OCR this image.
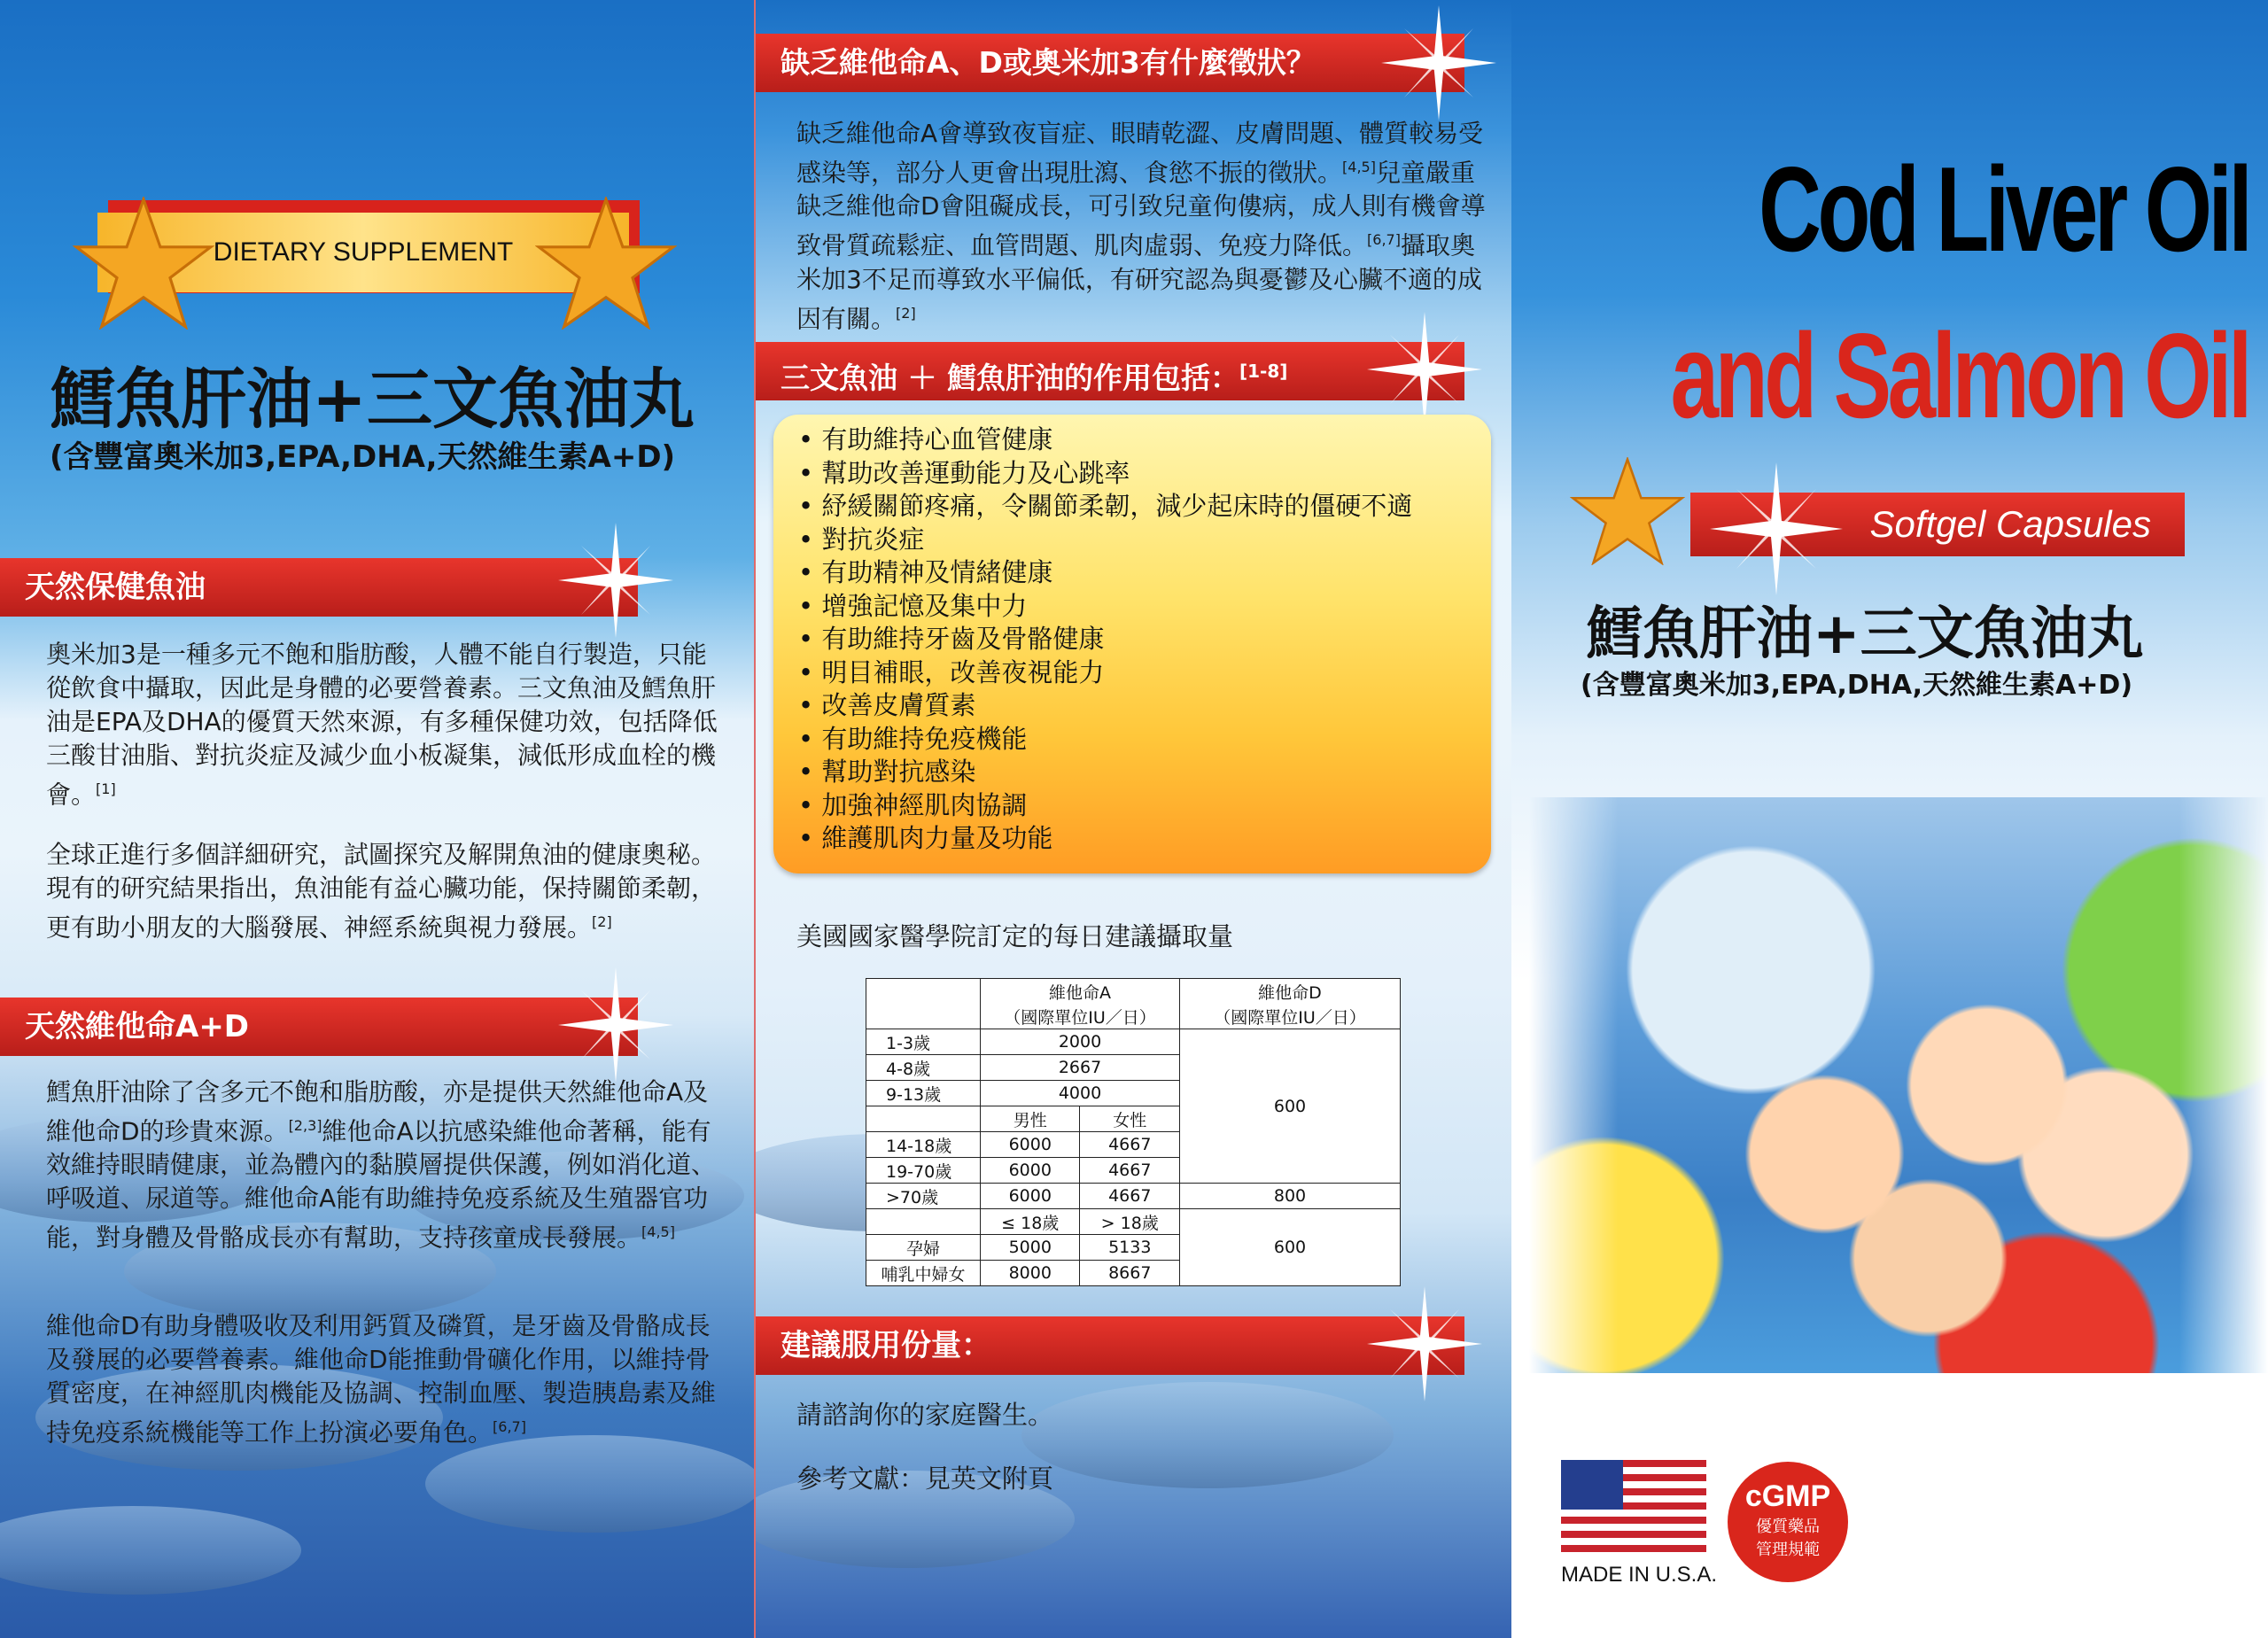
DIETARY SUPPLEMENT
鱈魚肝油+三文魚油丸
(含豐富奧米加3,EPA,DHA,天然維生素A+D)
天然保健魚油
奧米加3是一種多元不飽和脂肪酸，人體不能自行製造，只能從飲食中攝取，因此是身體的必要營養素。三文魚油及鱈魚肝油是EPA及DHA的優質天然來源，有多種保健功效，包括降低三酸甘油脂、對抗炎症及減少血小板凝集，減低形成血栓的機會。[1]
全球正進行多個詳細研究，試圖探究及解開魚油的健康奧秘。現有的研究結果指出，魚油能有益心臟功能，保持關節柔韌，更有助小朋友的大腦發展、神經系統與視力發展。[2]
天然維他命A+D
鱈魚肝油除了含多元不飽和脂肪酸，亦是提供天然維他命A及維他命D的珍貴來源。[2,3]維他命A以抗感染維他命著稱，能有效維持眼睛健康，並為體內的黏膜層提供保護，例如消化道、呼吸道、尿道等。維他命A能有助維持免疫系統及生殖器官功能，對身體及骨骼成長亦有幫助，支持孩童成長發展。[4,5]
維他命D有助身體吸收及利用鈣質及磷質，是牙齒及骨骼成長及發展的必要營養素。維他命D能推動骨礦化作用，以維持骨質密度，在神經肌肉機能及協調、控制血壓、製造胰島素及維持免疫系統機能等工作上扮演必要角色。[6,7]
缺乏維他命A、D或奧米加3有什麼徵狀？
缺乏維他命A會導致夜盲症、眼睛乾澀、皮膚問題、體質較易受感染等，部分人更會出現肚瀉、食慾不振的徵狀。[4,5]兒童嚴重缺乏維他命D會阻礙成長，可引致兒童佝僂病，成人則有機會導致骨質疏鬆症、血管問題、肌肉虛弱、免疫力降低。[6,7]攝取奧米加3不足而導致水平偏低，有研究認為與憂鬱及心臟不適的成因有關。[2]
三文魚油 ＋ 鱈魚肝油的作用包括：[1-8]
• 有助維持心血管健康
• 幫助改善運動能力及心跳率
• 紓緩關節疼痛，令關節柔韌，減少起床時的僵硬不適
• 對抗炎症
• 有助精神及情緒健康
• 增強記憶及集中力
• 有助維持牙齒及骨骼健康
• 明目補眼，改善夜視能力
• 改善皮膚質素
• 有助維持免疫機能
• 幫助對抗感染
• 加強神經肌肉協調
• 維護肌肉力量及功能
美國國家醫學院訂定的每日建議攝取量
	維他命A		維他命D
	（國際單位IU／日）		（國際單位IU／日）
1-3歲	2000		600
4-8歲	2667		
9-13歲	4000		
	男性	女性	
14-18歲	6000	4667	
19-70歲	6000	4667	
>70歲	6000	4667	800
	≤ 18歲	> 18歲	600
孕婦	5000	5133	
哺乳中婦女	8000	8667	
建議服用份量：
請諮詢你的家庭醫生。
參考文獻：見英文附頁
Cod Liver Oil
and Salmon Oil
Softgel Capsules
鱈魚肝油+三文魚油丸
(含豐富奧米加3,EPA,DHA,天然維生素A+D)
MADE IN U.S.A.
cGMP
優質藥品
管理規範
